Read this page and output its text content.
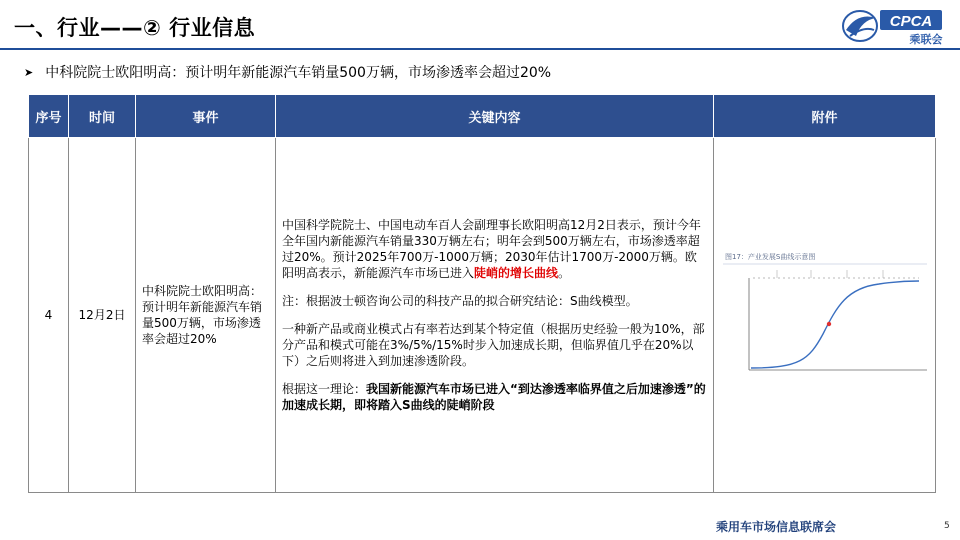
一、行业——② 行业信息	CPCA
乘联会
➤ 中科院院士欧阳明高：预计明年新能源汽车销量500万辆，市场渗透率会超过20%
序号	时间	事件	关键内容	附件
4	12月2日	中科院院士欧阳明高：预计明年新能源汽车销量500万辆，市场渗透率会超过20%	中国科学院院士、中国电动车百人会副理事长欧阳明高12月2日表示，预计今年全年国内新能源汽车销量330万辆左右；明年会到500万辆左右，市场渗透率超过20%。预计2025年700万-1000万辆；2030年估计1700万-2000万辆。欧阳明高表示，新能源汽车市场已进入陡峭的增长曲线。

注：根据波士顿咨询公司的科技产品的拟合研究结论：S曲线模型。

一种新产品或商业模式占有率若达到某个特定值（根据历史经验一般为10%，部分产品和模式可能在3%/5%/15%时步入加速成长期，但临界值几乎在20%以下）之后则将进入到加速渗透阶段。

根据这一理论：我国新能源汽车市场已进入“到达渗透率临界值之后加速渗透”的加速成长期，即将踏入S曲线的陡峭阶段	图17：产业发展S曲线示意图
乘用车市场信息联席会	5
